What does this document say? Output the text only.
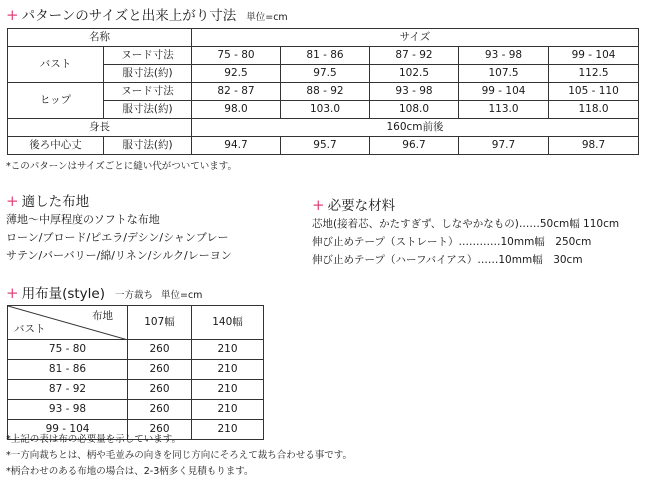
+ パターンのサイズと出来上がり寸法 単位=cm
名称		サイズ				
バスト	ヌード寸法	75 - 80	81 - 86	87 - 92	93 - 98	99 - 104
	服寸法(約)	92.5	97.5	102.5	107.5	112.5
ヒップ	ヌード寸法	82 - 87	88 - 92	93 - 98	99 - 104	105 - 110
	服寸法(約)	98.0	103.0	108.0	113.0	118.0
身長		160cm前後				
後ろ中心丈	服寸法(約)	94.7	95.7	96.7	97.7	98.7
*このパターンはサイズごとに縫い代がついています。
+ 適した布地
薄地〜中厚程度のソフトな布地
ローン/ブロード/ピエラ/デシン/シャンブレー
サテン/バーバリー/綿/リネン/シルク/レーヨン
+ 必要な材料
芯地(接着芯、かたすぎず、しなやかなもの)……50cm幅 110cm
伸び止めテープ（ストレート）…………10mm幅　250cm
伸び止めテープ（ハーフバイアス）……10mm幅　30cm
+ 用布量(style) 一方裁ち 単位=cm
布地
バスト	107幅	140幅
75 - 80	260	210
81 - 86	260	210
87 - 92	260	210
93 - 98	260	210
99 - 104	260	210
*上記の表は布の必要量を示しています。
*一方向裁ちとは、柄や毛並みの向きを同じ方向にそろえて裁ち合わせる事です。
*柄合わせのある布地の場合は、2-3柄多く見積もります。
